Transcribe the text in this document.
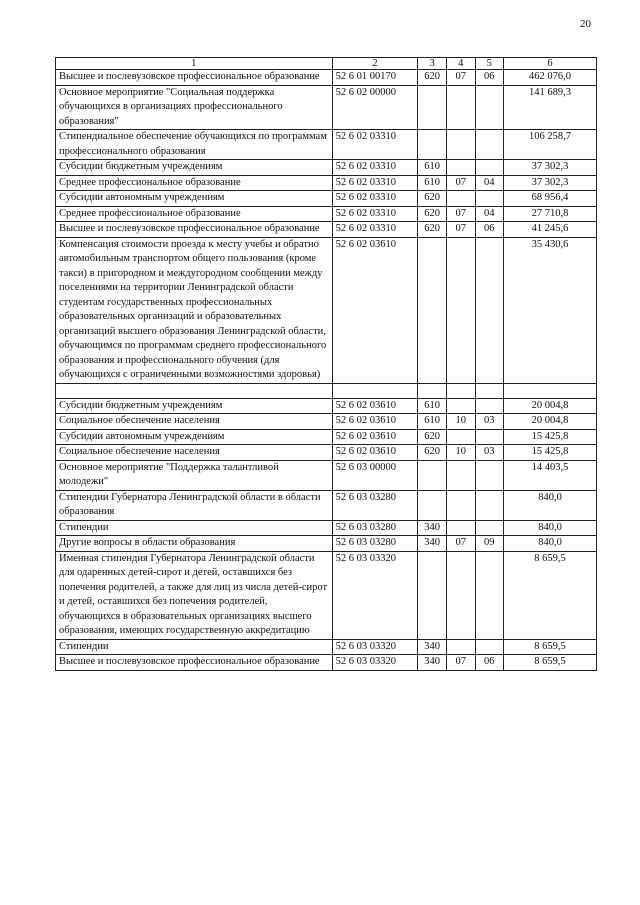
20
1	2	3	4	5	6
Высшее и послевузовское профессиональное образование	52 6 01 00170	620	07	06	462 076,0
Основное мероприятие "Социальная поддержка обучающихся в организациях профессионального образования"	52 6 02 00000				141 689,3
Стипендиальное обеспечение обучающихся по программам профессионального образования	52 6 02 03310				106 258,7
Субсидии бюджетным учреждениям	52 6 02 03310	610			37 302,3
Среднее профессиональное образование	52 6 02 03310	610	07	04	37 302,3
Субсидии автономным учреждениям	52 6 02 03310	620			68 956,4
Среднее профессиональное образование	52 6 02 03310	620	07	04	27 710,8
Высшее и послевузовское профессиональное образование	52 6 02 03310	620	07	06	41 245,6
Компенсация стоимости проезда к месту учебы и обратно автомобильным транспортом общего пользования (кроме такси) в пригородном и междугородном сообщении между поселениями на территории Ленинградской области студентам государственных профессиональных образовательных организаций и образовательных организаций высшего образования Ленинградской области, обучающимся по программам среднего профессионального образования и профессионального обучения (для обучающихся с ограниченными возможностями здоровья)	52 6 02 03610				35 430,6

Субсидии бюджетным учреждениям	52 6 02 03610	610			20 004,8
Социальное обеспечение населения	52 6 02 03610	610	10	03	20 004,8
Субсидии автономным учреждениям	52 6 02 03610	620			15 425,8
Социальное обеспечение населения	52 6 02 03610	620	10	03	15 425,8
Основное мероприятие "Поддержка талантливой молодежи"	52 6 03 00000				14 403,5
Стипендии Губернатора Ленинградской области в области образования	52 6 03 03280				840,0
Стипендии	52 6 03 03280	340			840,0
Другие вопросы в области образования	52 6 03 03280	340	07	09	840,0
Именная стипендия Губернатора Ленинградской области для одаренных детей-сирот и детей, оставшихся без попечения родителей, а также для лиц из числа детей-сирот и детей, оставшихся без попечения родителей, обучающихся в образовательных организациях высшего образования, имеющих государственную аккредитацию	52 6 03 03320				8 659,5
Стипендии	52 6 03 03320	340			8 659,5
Высшее и послевузовское профессиональное образование	52 6 03 03320	340	07	06	8 659,5
